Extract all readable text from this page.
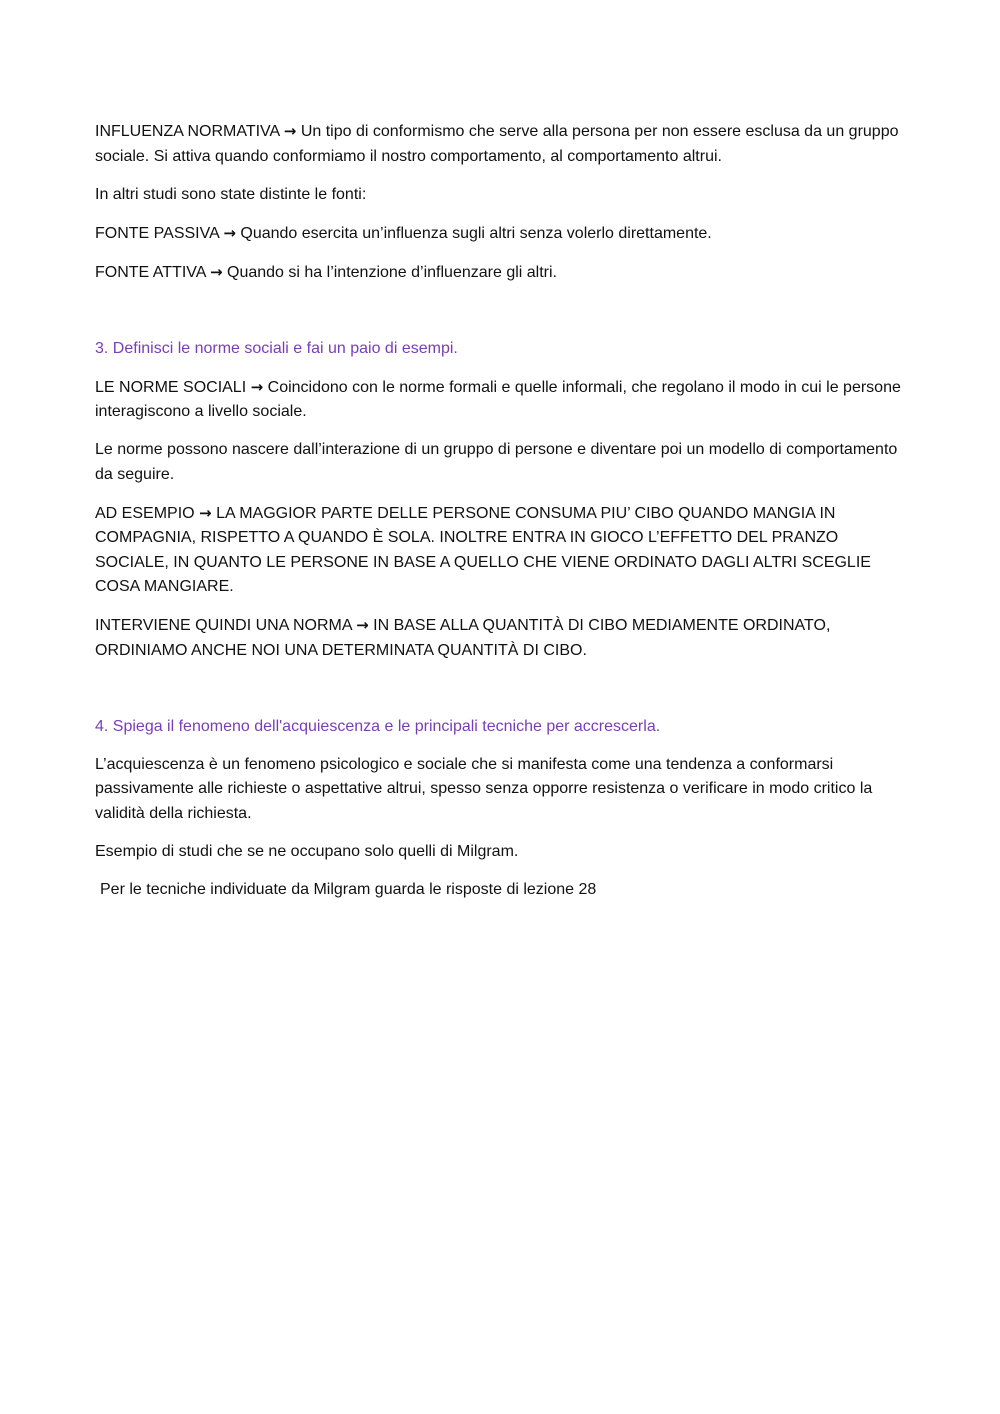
INFLUENZA NORMATIVA → Un tipo di conformismo che serve alla persona per non essere esclusa da un gruppo sociale. Si attiva quando conformiamo il nostro comportamento, al comportamento altrui.

In altri studi sono state distinte le fonti:

FONTE PASSIVA → Quando esercita un’influenza sugli altri senza volerlo direttamente.

FONTE ATTIVA → Quando si ha l’intenzione d’influenzare gli altri.

3. Definisci le norme sociali e fai un paio di esempi.

LE NORME SOCIALI → Coincidono con le norme formali e quelle informali, che regolano il modo in cui le persone interagiscono a livello sociale.

Le norme possono nascere dall’interazione di un gruppo di persone e diventare poi un modello di comportamento da seguire.

AD ESEMPIO → LA MAGGIOR PARTE DELLE PERSONE CONSUMA PIU’ CIBO QUANDO MANGIA IN COMPAGNIA, RISPETTO A QUANDO È SOLA. INOLTRE ENTRA IN GIOCO L’EFFETTO DEL PRANZO SOCIALE, IN QUANTO LE PERSONE IN BASE A QUELLO CHE VIENE ORDINATO DAGLI ALTRI SCEGLIE COSA MANGIARE.

INTERVIENE QUINDI UNA NORMA → IN BASE ALLA QUANTITÀ DI CIBO MEDIAMENTE ORDINATO, ORDINIAMO ANCHE NOI UNA DETERMINATA QUANTITÀ DI CIBO.

4. Spiega il fenomeno dell'acquiescenza e le principali tecniche per accrescerla.

L’acquiescenza è un fenomeno psicologico e sociale che si manifesta come una tendenza a conformarsi passivamente alle richieste o aspettative altrui, spesso senza opporre resistenza o verificare in modo critico la validità della richiesta.

Esempio di studi che se ne occupano solo quelli di Milgram.

Per le tecniche individuate da Milgram guarda le risposte di lezione 28
